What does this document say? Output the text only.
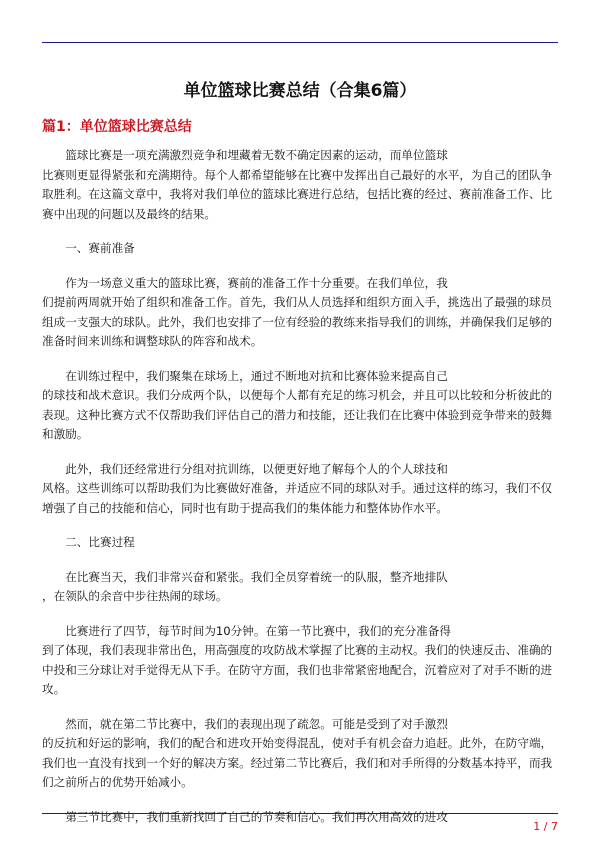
单位篮球比赛总结（合集6篇）
篇1：单位篮球比赛总结
篮球比赛是一项充满激烈竞争和埋藏着无数不确定因素的运动，而单位篮球
比赛则更显得紧张和充满期待。每个人都希望能够在比赛中发挥出自己最好的水平，为自己的团队争取胜利。在这篇文章中，我将对我们单位的篮球比赛进行总结，包括比赛的经过、赛前准备工作、比赛中出现的问题以及最终的结果。
一、赛前准备
作为一场意义重大的篮球比赛，赛前的准备工作十分重要。在我们单位，我
们提前两周就开始了组织和准备工作。首先，我们从人员选择和组织方面入手，挑选出了最强的球员组成一支强大的球队。此外，我们也安排了一位有经验的教练来指导我们的训练，并确保我们足够的准备时间来训练和调整球队的阵容和战术。
在训练过程中，我们聚集在球场上，通过不断地对抗和比赛体验来提高自己
的球技和战术意识。我们分成两个队，以便每个人都有充足的练习机会，并且可以比较和分析彼此的表现。这种比赛方式不仅帮助我们评估自己的潜力和技能，还让我们在比赛中体验到竞争带来的鼓舞和激励。
此外，我们还经常进行分组对抗训练，以便更好地了解每个人的个人球技和
风格。这些训练可以帮助我们为比赛做好准备，并适应不同的球队对手。通过这样的练习，我们不仅增强了自己的技能和信心，同时也有助于提高我们的集体能力和整体协作水平。
二、比赛过程
在比赛当天，我们非常兴奋和紧张。我们全员穿着统一的队服，整齐地排队
，在领队的余音中步往热闹的球场。
比赛进行了四节，每节时间为10分钟。在第一节比赛中，我们的充分准备得
到了体现，我们表现非常出色，用高强度的攻防战术掌握了比赛的主动权。我们的快速反击、准确的中投和三分球让对手觉得无从下手。在防守方面，我们也非常紧密地配合，沉着应对了对手不断的进攻。
然而，就在第二节比赛中，我们的表现出现了疏忽。可能是受到了对手激烈
的反抗和好运的影响，我们的配合和进攻开始变得混乱，使对手有机会奋力追赶。此外，在防守端，我们也一直没有找到一个好的解决方案。经过第二节比赛后，我们和对手所得的分数基本持平，而我们之前所占的优势开始减小。
第三节比赛中，我们重新找回了自己的节奏和信心。我们再次用高效的进攻
1 / 7
